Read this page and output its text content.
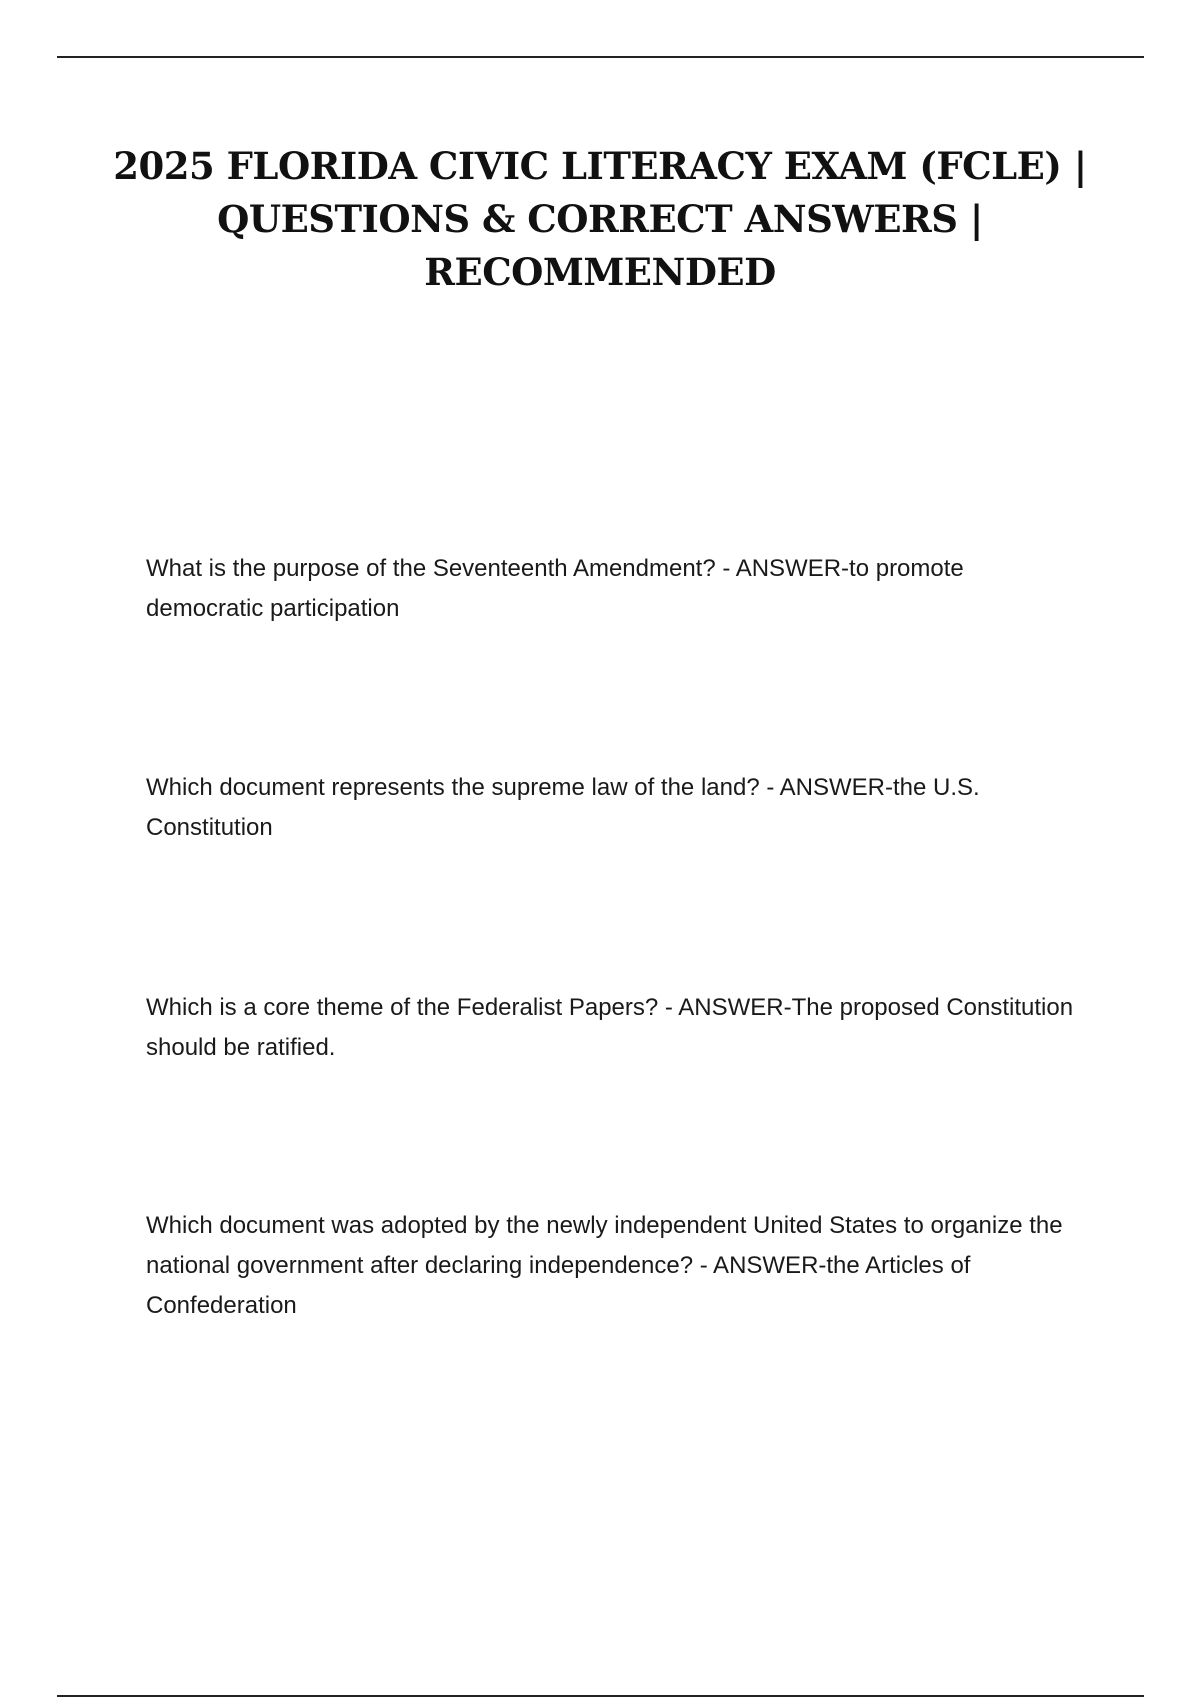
2025 FLORIDA CIVIC LITERACY EXAM (FCLE) | QUESTIONS & CORRECT ANSWERS | RECOMMENDED

What is the purpose of the Seventeenth Amendment? - ANSWER-to promote democratic participation

Which document represents the supreme law of the land? - ANSWER-the U.S. Constitution

Which is a core theme of the Federalist Papers? - ANSWER-The proposed Constitution should be ratified.

Which document was adopted by the newly independent United States to organize the national government after declaring independence? - ANSWER-the Articles of Confederation
